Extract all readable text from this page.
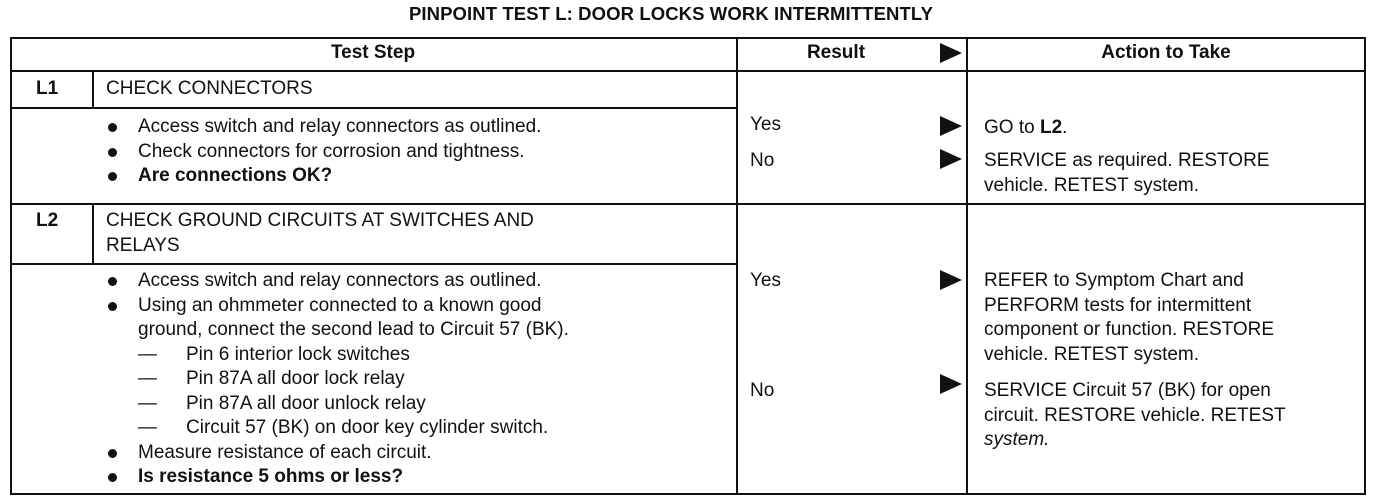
PINPOINT TEST L: DOOR LOCKS WORK INTERMITTENTLY
Test Step	Result	Action to Take
L1	CHECK CONNECTORS
Access switch and relay connectors as outlined.
Check connectors for corrosion and tightness.
Are connections OK?
Yes	GO to L2.
No	SERVICE as required. RESTORE
vehicle. RETEST system.
L2	CHECK GROUND CIRCUITS AT SWITCHES AND
RELAYS
Access switch and relay connectors as outlined.
Using an ohmmeter connected to a known good
ground, connect the second lead to Circuit 57 (BK).
— Pin 6 interior lock switches
— Pin 87A all door lock relay
— Pin 87A all door unlock relay
— Circuit 57 (BK) on door key cylinder switch.
Measure resistance of each circuit.
Is resistance 5 ohms or less?
Yes	REFER to Symptom Chart and
PERFORM tests for intermittent
component or function. RESTORE
vehicle. RETEST system.
No	SERVICE Circuit 57 (BK) for open
circuit. RESTORE vehicle. RETEST
system.
